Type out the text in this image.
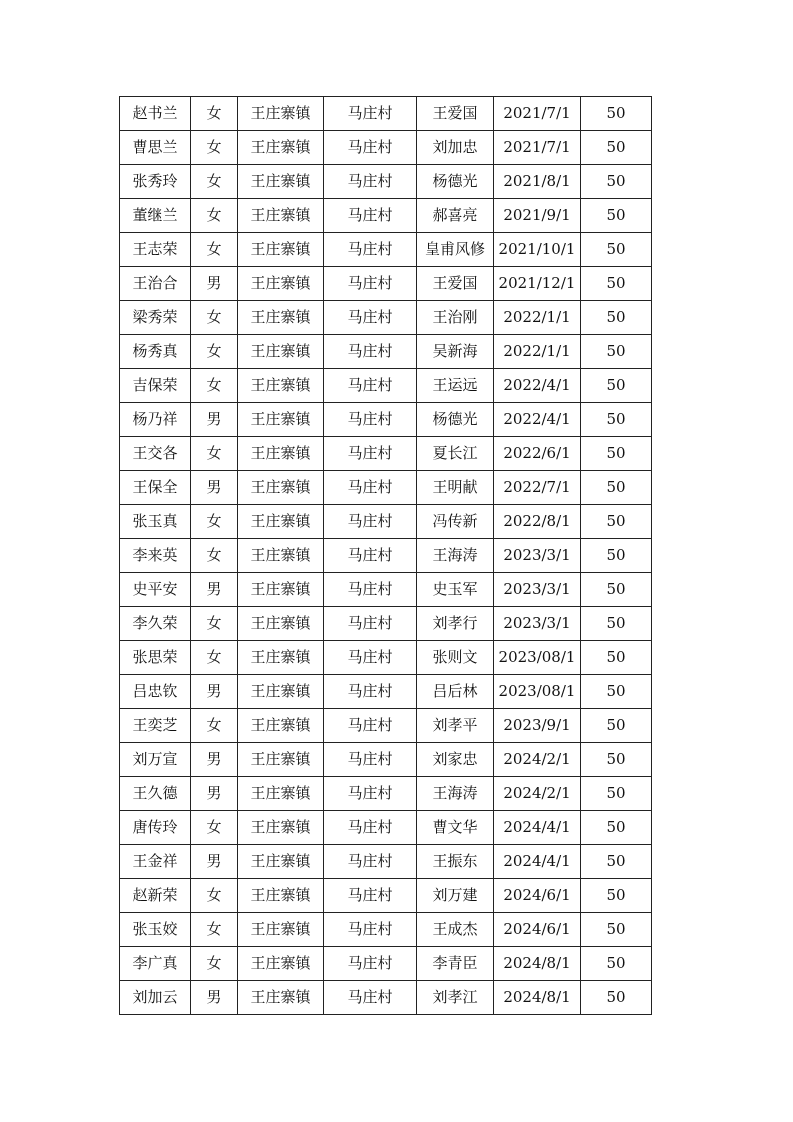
赵书兰	女	王庄寨镇	马庄村	王爱国	2021/7/1	50
曹思兰	女	王庄寨镇	马庄村	刘加忠	2021/7/1	50
张秀玲	女	王庄寨镇	马庄村	杨德光	2021/8/1	50
董继兰	女	王庄寨镇	马庄村	郝喜亮	2021/9/1	50
王志荣	女	王庄寨镇	马庄村	皇甫风修	2021/10/1	50
王治合	男	王庄寨镇	马庄村	王爱国	2021/12/1	50
梁秀荣	女	王庄寨镇	马庄村	王治刚	2022/1/1	50
杨秀真	女	王庄寨镇	马庄村	吴新海	2022/1/1	50
吉保荣	女	王庄寨镇	马庄村	王运远	2022/4/1	50
杨乃祥	男	王庄寨镇	马庄村	杨德光	2022/4/1	50
王交各	女	王庄寨镇	马庄村	夏长江	2022/6/1	50
王保全	男	王庄寨镇	马庄村	王明献	2022/7/1	50
张玉真	女	王庄寨镇	马庄村	冯传新	2022/8/1	50
李来英	女	王庄寨镇	马庄村	王海涛	2023/3/1	50
史平安	男	王庄寨镇	马庄村	史玉军	2023/3/1	50
李久荣	女	王庄寨镇	马庄村	刘孝行	2023/3/1	50
张思荣	女	王庄寨镇	马庄村	张则文	2023/08/1	50
吕忠钦	男	王庄寨镇	马庄村	吕后林	2023/08/1	50
王奕芝	女	王庄寨镇	马庄村	刘孝平	2023/9/1	50
刘万宣	男	王庄寨镇	马庄村	刘家忠	2024/2/1	50
王久德	男	王庄寨镇	马庄村	王海涛	2024/2/1	50
唐传玲	女	王庄寨镇	马庄村	曹文华	2024/4/1	50
王金祥	男	王庄寨镇	马庄村	王振东	2024/4/1	50
赵新荣	女	王庄寨镇	马庄村	刘万建	2024/6/1	50
张玉姣	女	王庄寨镇	马庄村	王成杰	2024/6/1	50
李广真	女	王庄寨镇	马庄村	李青臣	2024/8/1	50
刘加云	男	王庄寨镇	马庄村	刘孝江	2024/8/1	50
